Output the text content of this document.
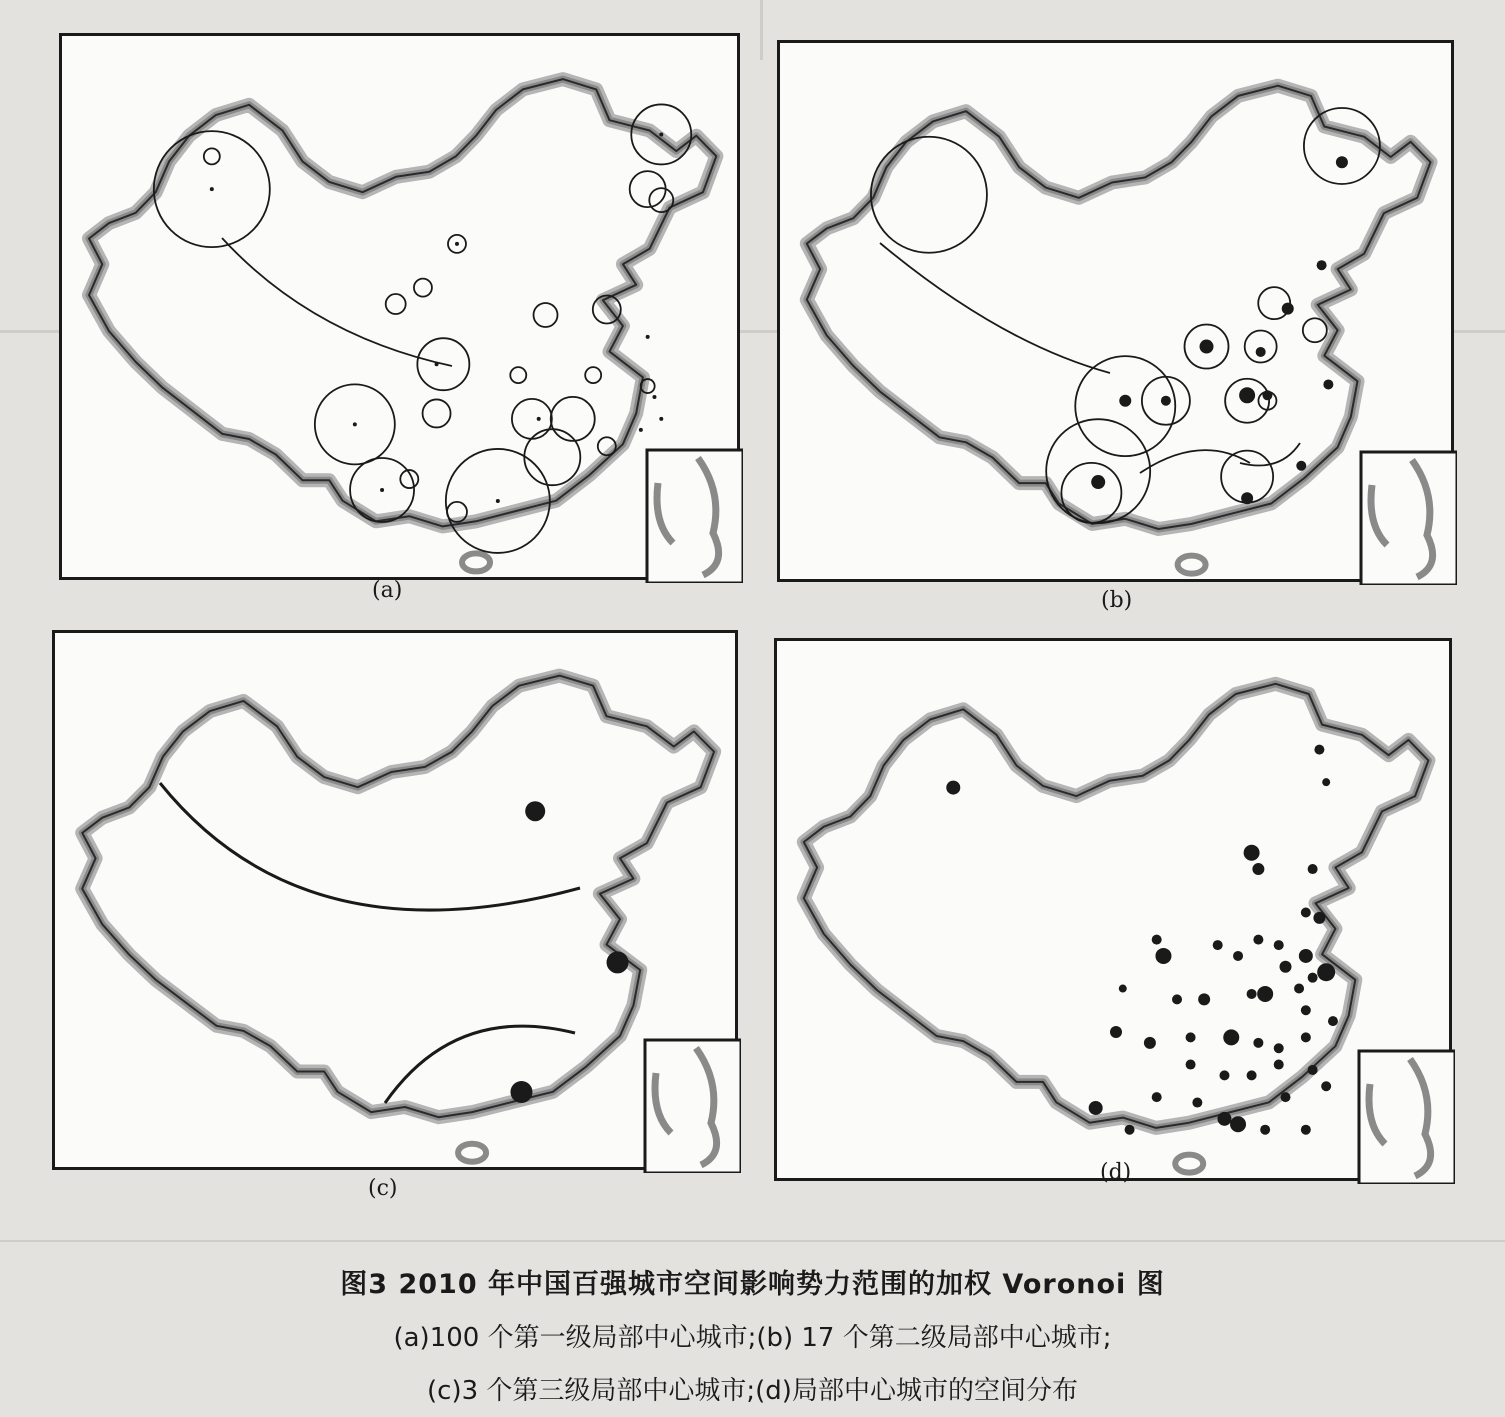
(a)	(b)
(c)
(d)
图3 2010 年中国百强城市空间影响势力范围的加权 Voronoi 图
(a)100 个第一级局部中心城市;(b) 17 个第二级局部中心城市;
(c)3 个第三级局部中心城市;(d)局部中心城市的空间分布
